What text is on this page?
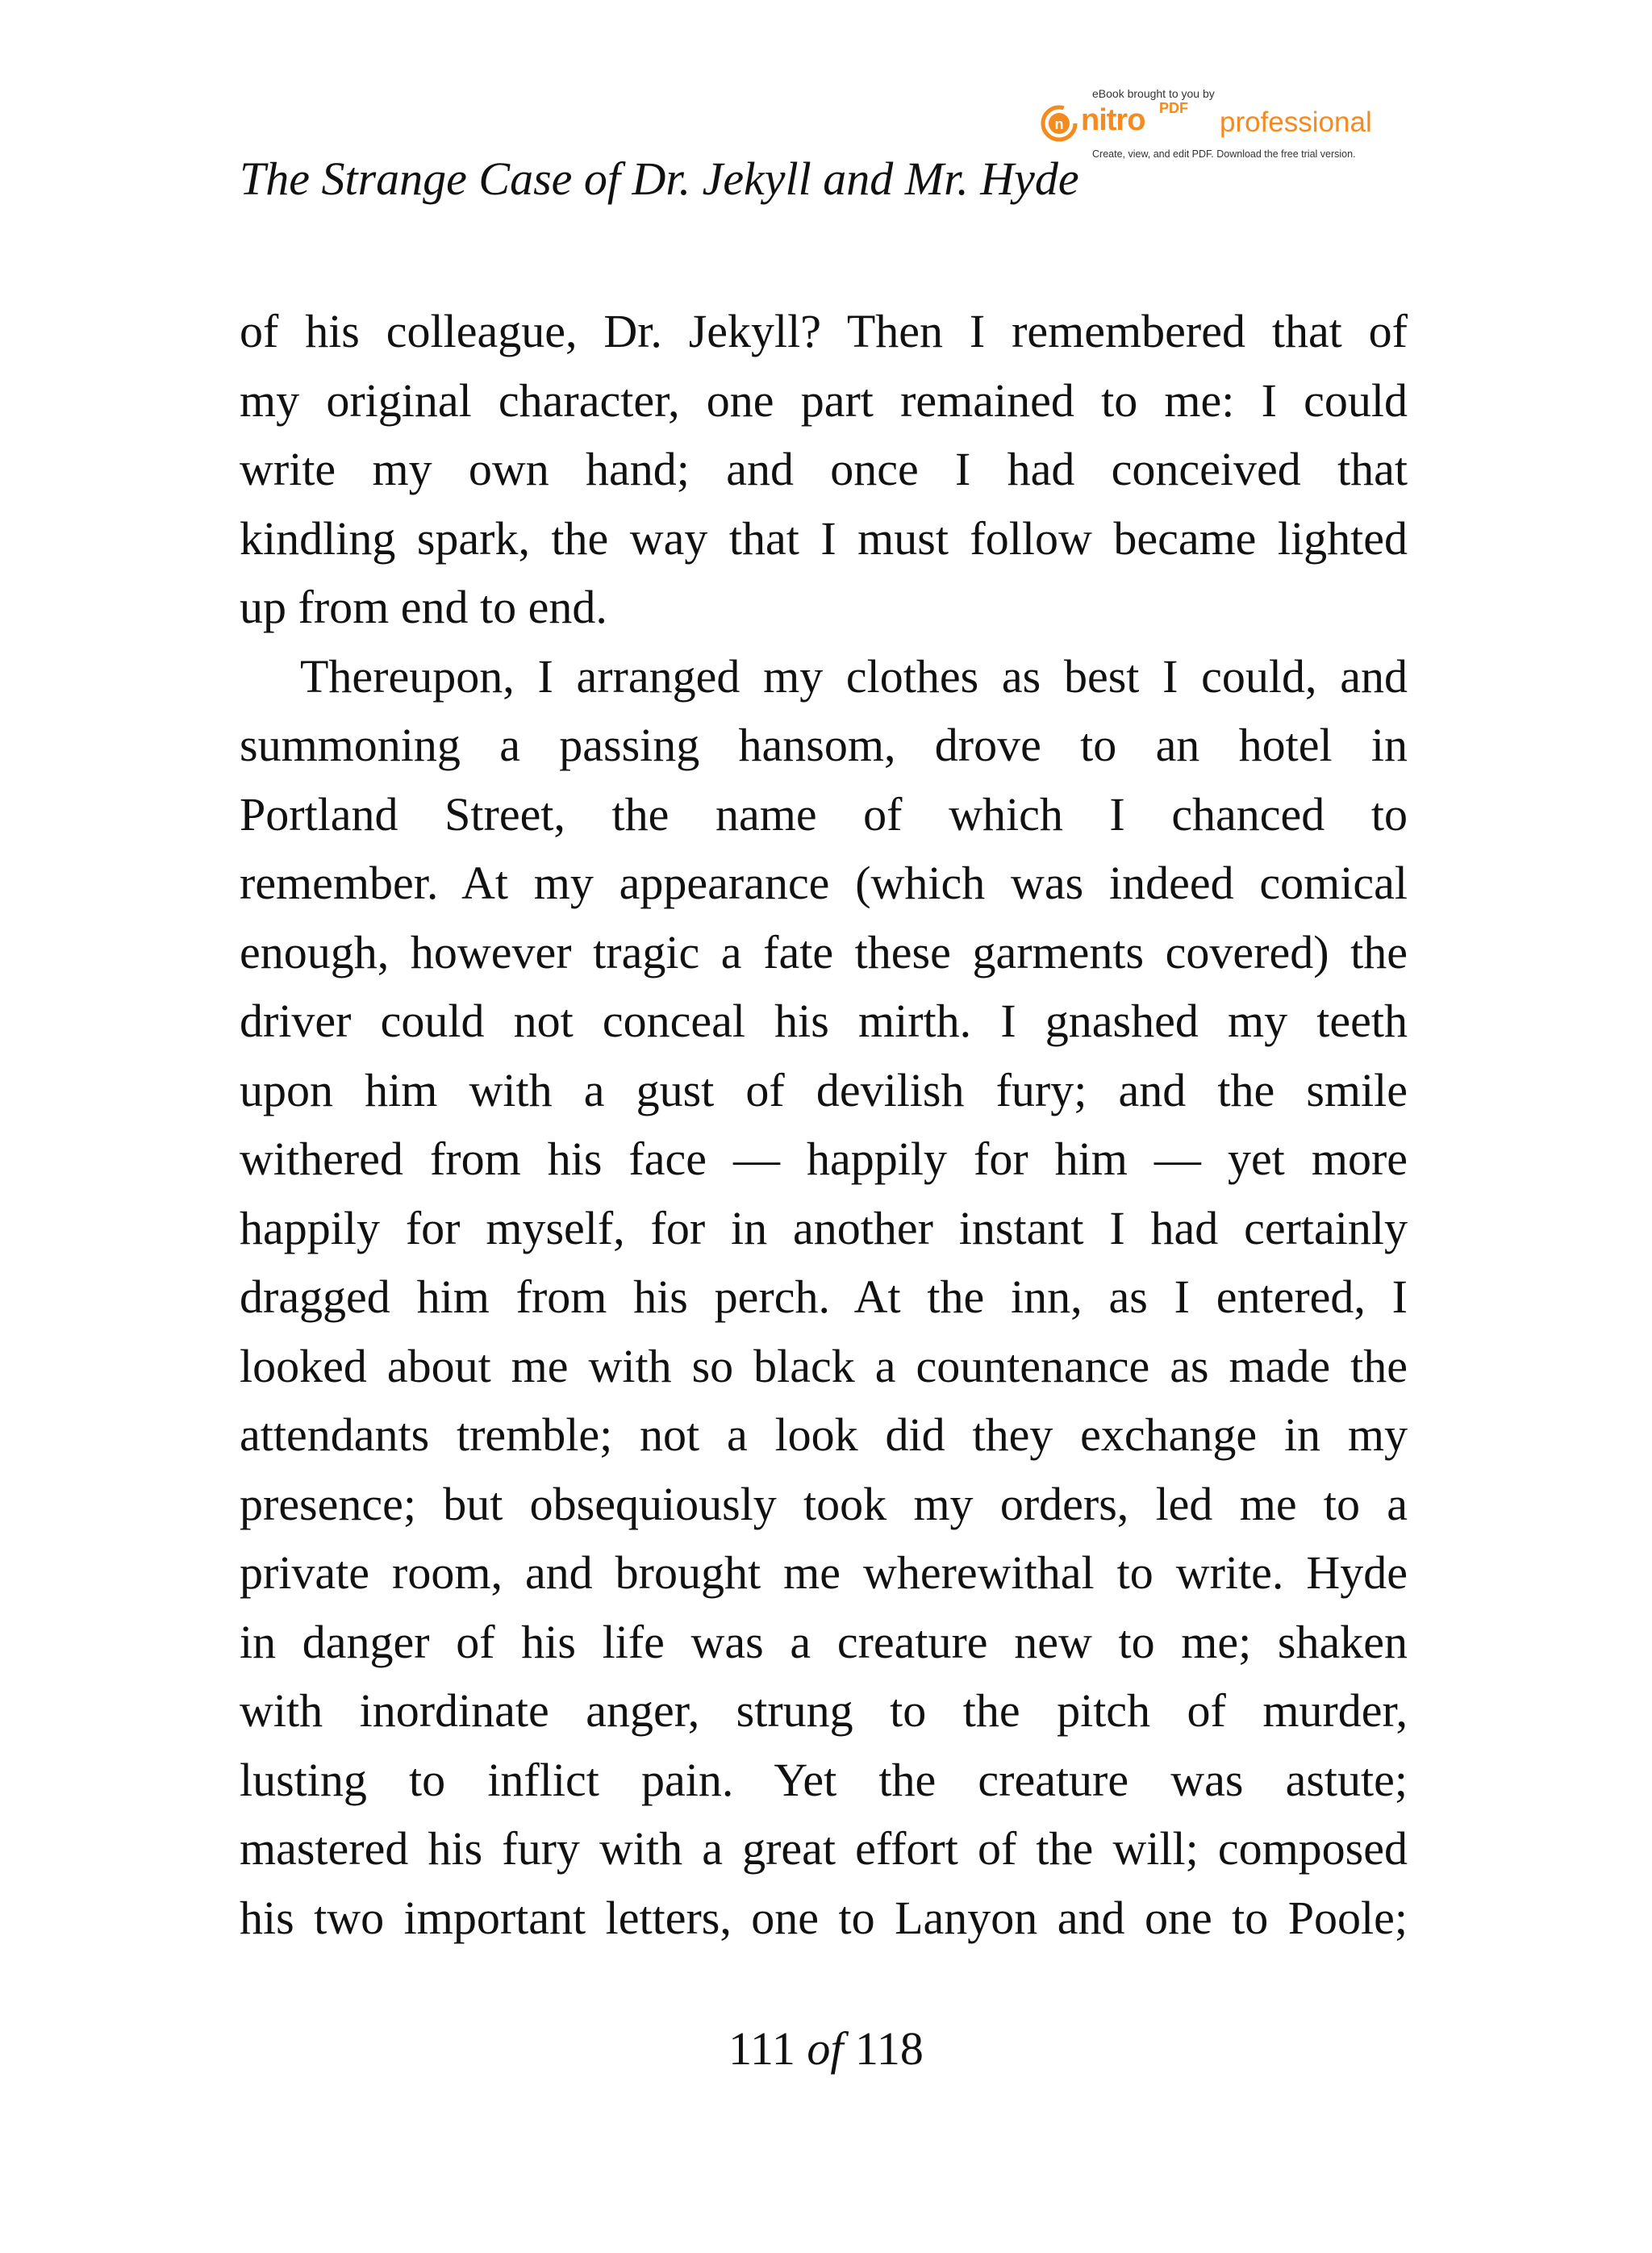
The Strange Case of Dr. Jekyll and Mr. Hyde
eBook brought to you by
n nitro PDF professional
Create, view, and edit PDF. Download the free trial version.
of his colleague, Dr. Jekyll? Then I remembered that of
my original character, one part remained to me: I could
write my own hand; and once I had conceived that
kindling spark, the way that I must follow became lighted
up from end to end.
Thereupon, I arranged my clothes as best I could, and
summoning a passing hansom, drove to an hotel in
Portland Street, the name of which I chanced to
remember. At my appearance (which was indeed comical
enough, however tragic a fate these garments covered) the
driver could not conceal his mirth. I gnashed my teeth
upon him with a gust of devilish fury; and the smile
withered from his face — happily for him — yet more
happily for myself, for in another instant I had certainly
dragged him from his perch. At the inn, as I entered, I
looked about me with so black a countenance as made the
attendants tremble; not a look did they exchange in my
presence; but obsequiously took my orders, led me to a
private room, and brought me wherewithal to write. Hyde
in danger of his life was a creature new to me; shaken
with inordinate anger, strung to the pitch of murder,
lusting to inflict pain. Yet the creature was astute;
mastered his fury with a great effort of the will; composed
his two important letters, one to Lanyon and one to Poole;
111 of 118
